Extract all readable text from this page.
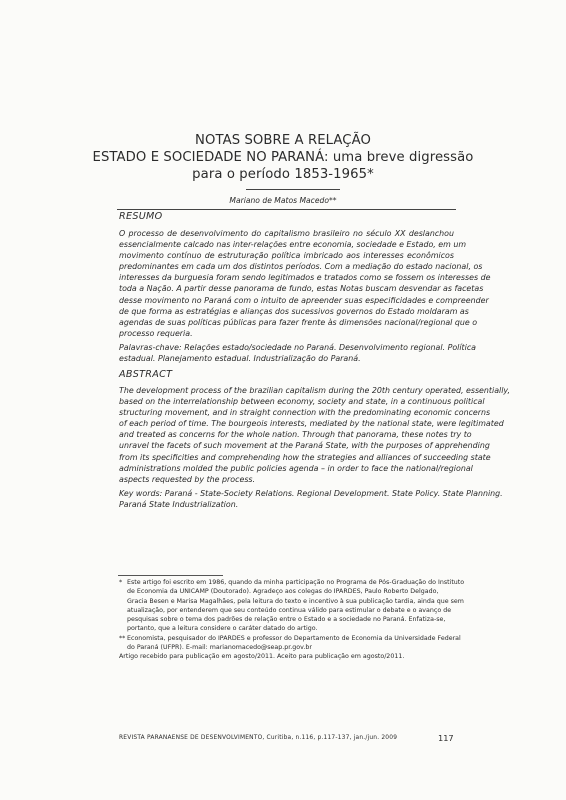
NOTAS SOBRE A RELAÇÃO
ESTADO E SOCIEDADE NO PARANÁ: uma breve digressão
para o período 1853-1965*
Mariano de Matos Macedo**
RESUMO
O processo de desenvolvimento do capitalismo brasileiro no século XX deslanchou
essencialmente calcado nas inter-relações entre economia, sociedade e Estado, em um
movimento contínuo de estruturação política imbricado aos interesses econômicos
predominantes em cada um dos distintos períodos. Com a mediação do estado nacional, os
interesses da burguesia foram sendo legitimados e tratados como se fossem os interesses de
toda a Nação. A partir desse panorama de fundo, estas Notas buscam desvendar as facetas
desse movimento no Paraná com o intuito de apreender suas especificidades e compreender
de que forma as estratégias e alianças dos sucessivos governos do Estado moldaram as
agendas de suas políticas públicas para fazer frente às dimensões nacional/regional que o
processo requeria.
Palavras-chave: Relações estado/sociedade no Paraná. Desenvolvimento regional. Política
estadual. Planejamento estadual. Industrialização do Paraná.
ABSTRACT
The development process of the brazilian capitalism during the 20th century operated, essentially,
based on the interrelationship between economy, society and state, in a continuous political
structuring movement, and in straight connection with the predominating economic concerns
of each period of time. The bourgeois interests, mediated by the national state, were legitimated
and treated as concerns for the whole nation. Through that panorama, these notes try to
unravel the facets of such movement at the Paraná State, with the purposes of apprehending
from its specificities and comprehending how the strategies and alliances of succeeding state
administrations molded the public policies agenda – in order to face the national/regional
aspects requested by the process.
Key words: Paraná - State-Society Relations. Regional Development. State Policy. State Planning.
Paraná State Industrialization.
* Este artigo foi escrito em 1986, quando da minha participação no Programa de Pós-Graduação do Instituto
de Economia da UNICAMP (Doutorado). Agradeço aos colegas do IPARDES, Paulo Roberto Delgado,
Gracia Besen e Marisa Magalhães, pela leitura do texto e incentivo à sua publicação tardia, ainda que sem
atualização, por entenderem que seu conteúdo continua válido para estimular o debate e o avanço de
pesquisas sobre o tema dos padrões de relação entre o Estado e a sociedade no Paraná. Enfatiza-se,
portanto, que a leitura considere o caráter datado do artigo.
** Economista, pesquisador do IPARDES e professor do Departamento de Economia da Universidade Federal
do Paraná (UFPR). E-mail: marianomacedo@seap.pr.gov.br
Artigo recebido para publicação em agosto/2011. Aceito para publicação em agosto/2011.
REVISTA PARANAENSE DE DESENVOLVIMENTO, Curitiba, n.116, p.117-137, jan./jun. 2009	117
